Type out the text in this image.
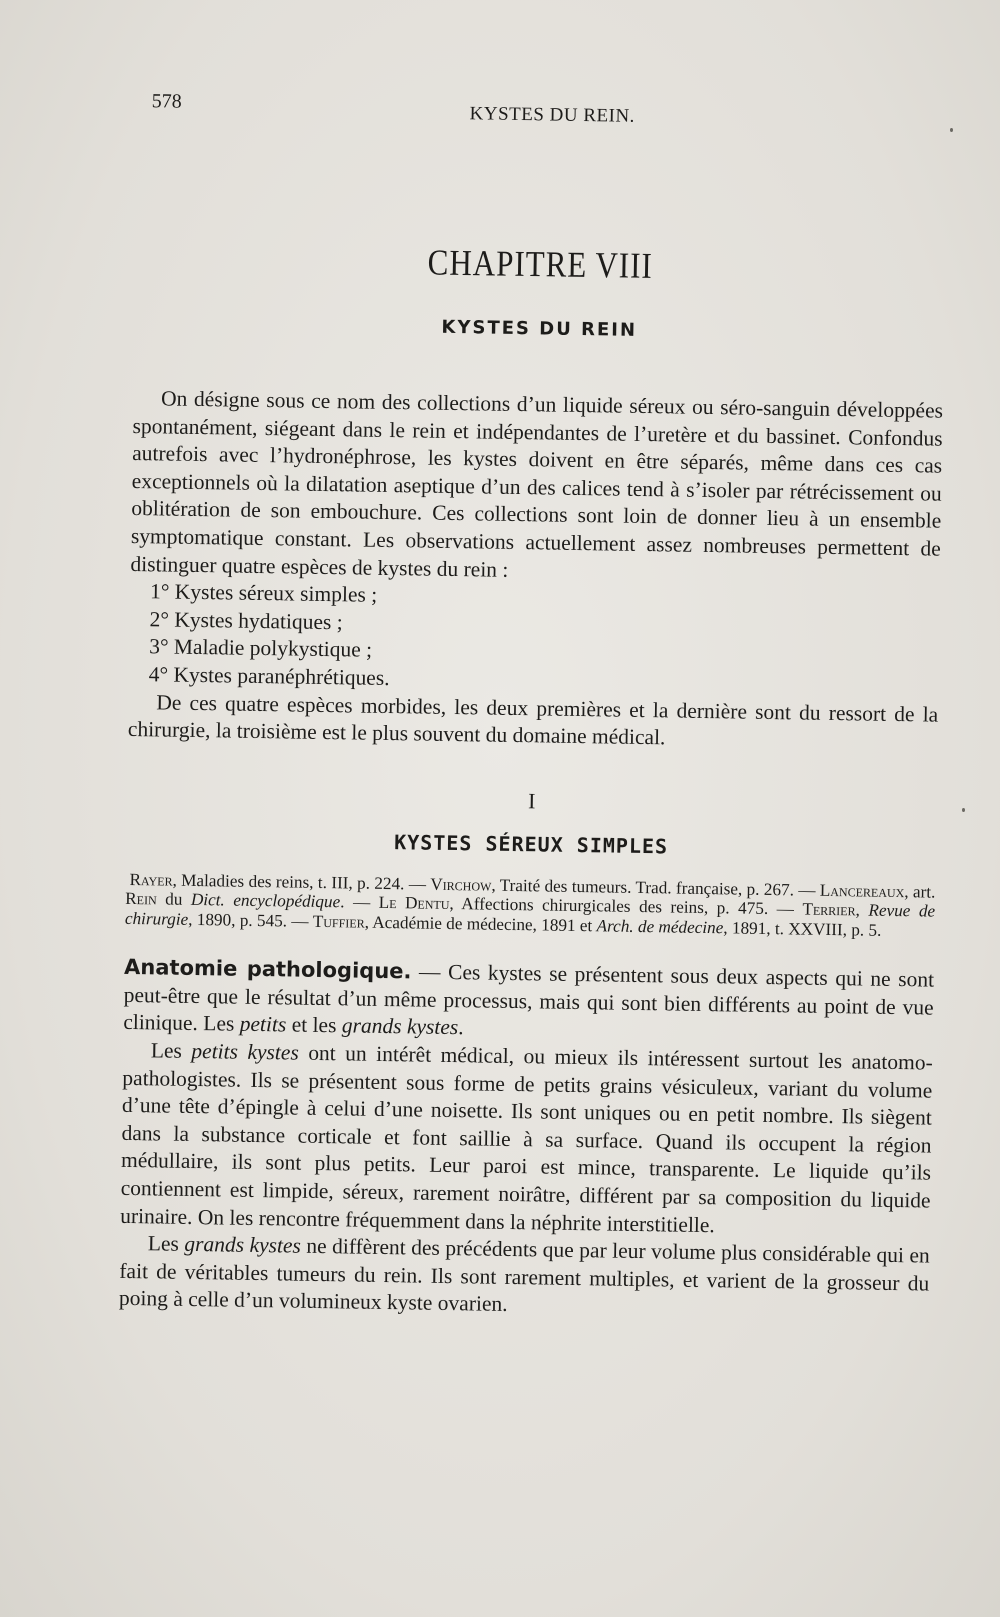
578
KYSTES DU REIN.
CHAPITRE VIII
KYSTES DU REIN

On désigne sous ce nom des collections d’un liquide séreux ou séro-sanguin développées spontanément, siégeant dans le rein et indépendantes de l’uretère et du bassinet. Confondus autrefois avec l’hydronéphrose, les kystes doivent en être séparés, même dans ces cas exceptionnels où la dilatation aseptique d’un des calices tend à s’isoler par rétrécissement ou oblitération de son embouchure. Ces collections sont loin de donner lieu à un ensemble symptomatique constant. Les observations actuellement assez nombreuses permettent de distinguer quatre espèces de kystes du rein :

1° Kystes séreux simples ;
2° Kystes hydatiques ;
3° Maladie polykystique ;
4° Kystes paranéphrétiques.

De ces quatre espèces morbides, les deux premières et la dernière sont du ressort de la chirurgie, la troisième est le plus souvent du domaine médical.

I
KYSTES SÉREUX SIMPLES

Rayer, Maladies des reins, t. III, p. 224. — Virchow, Traité des tumeurs. Trad. française, p. 267. — Lancereaux, art. Rein du Dict. encyclopédique. — Le Dentu, Affections chirurgicales des reins, p. 475. — Terrier, Revue de chirurgie, 1890, p. 545. — Tuffier, Académie de médecine, 1891 et Arch. de médecine, 1891, t. XXVIII, p. 5.

Anatomie pathologique. — Ces kystes se présentent sous deux aspects qui ne sont peut-être que le résultat d’un même processus, mais qui sont bien différents au point de vue clinique. Les petits et les grands kystes.

Les petits kystes ont un intérêt médical, ou mieux ils intéressent surtout les anatomo-pathologistes. Ils se présentent sous forme de petits grains vésiculeux, variant du volume d’une tête d’épingle à celui d’une noisette. Ils sont uniques ou en petit nombre. Ils siègent dans la substance corticale et font saillie à sa surface. Quand ils occupent la région médullaire, ils sont plus petits. Leur paroi est mince, transparente. Le liquide qu’ils contiennent est limpide, séreux, rarement noirâtre, différent par sa composition du liquide urinaire. On les rencontre fréquemment dans la néphrite interstitielle.

Les grands kystes ne diffèrent des précédents que par leur volume plus considérable qui en fait de véritables tumeurs du rein. Ils sont rarement multiples, et varient de la grosseur du poing à celle d’un volumineux kyste ovarien.
